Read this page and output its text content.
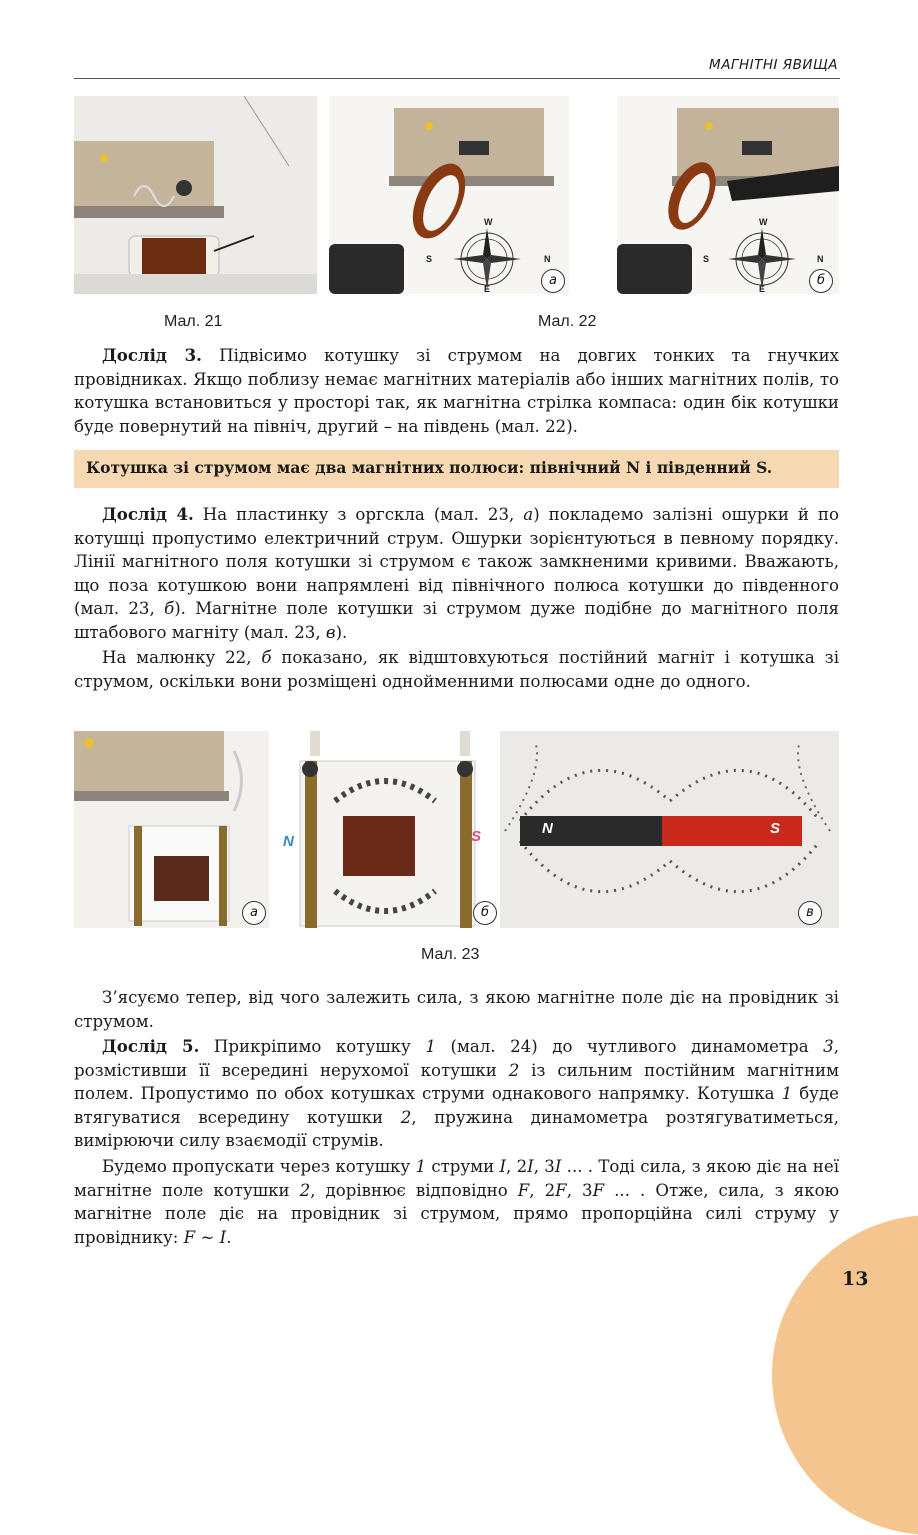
МАГНІТНІ ЯВИЩА
Мал. 21
W
S	N
E
а
W
S	N
E
б
Мал. 22

Дослід 3. Підвісимо котушку зі струмом на довгих тонких та гнучких провідниках. Якщо поблизу немає магнітних матеріалів або інших магнітних полів, то котушка встановиться у просторі так, як магнітна стрілка компаса: один бік котушки буде повернутий на північ, другий – на південь (мал. 22).

Котушка зі струмом має два магнітних полюси: північний N і південний S.

Дослід 4. На пластинку з оргскла (мал. 23, а) покладемо залізні ошурки й по котушці пропустимо електричний струм. Ошурки зорієнтуються в певному порядку. Лінії магнітного поля котушки зі струмом є також замкненими кривими. Вважають, що поза котушкою вони напрямлені від північного полюса котушки до південного (мал. 23, б). Магнітне поле котушки зі струмом дуже подібне до магнітного поля штабового магніту (мал. 23, в).

На малюнку 22, б показано, як відштовхуються постійний магніт і котушка зі струмом, оскільки вони розміщені однойменними полюсами одне до одного.

а
N	S
б
N	S
в
Мал. 23

З’ясуємо тепер, від чого залежить сила, з якою магнітне поле діє на провідник зі струмом.

Дослід 5. Прикріпимо котушку 1 (мал. 24) до чутливого динамометра 3, розмістивши її всередині нерухомої котушки 2 із сильним постійним магнітним полем. Пропустимо по обох котушках струми однакового напрямку. Котушка 1 буде втягуватися всередину котушки 2, пружина динамометра розтягуватиметься, вимірюючи силу взаємодії струмів.

Будемо пропускати через котушку 1 струми I, 2I, 3I ... . Тоді сила, з якою діє на неї магнітне поле котушки 2, дорівнює відповідно F, 2F, 3F ... . Отже, сила, з якою магнітне поле діє на провідник зі струмом, прямо пропорційна силі струму у провіднику: F ~ I.

13
